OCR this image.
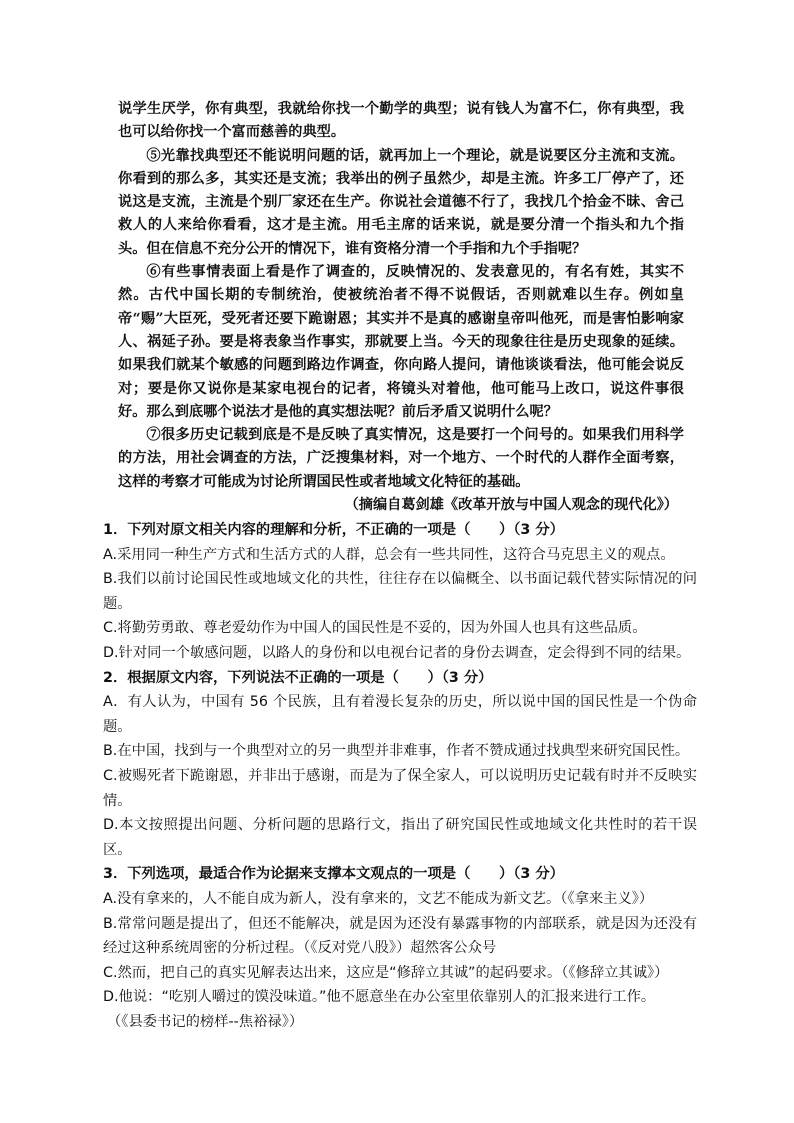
说学生厌学，你有典型，我就给你找一个勤学的典型；说有钱人为富不仁，你有典型，我也可以给你找一个富而慈善的典型。

⑤光靠找典型还不能说明问题的话，就再加上一个理论，就是说要区分主流和支流。你看到的那么多，其实还是支流；我举出的例子虽然少，却是主流。许多工厂停产了，还说这是支流，主流是个别厂家还在生产。你说社会道德不行了，我找几个拾金不昧、舍己救人的人来给你看看，这才是主流。用毛主席的话来说，就是要分清一个指头和九个指头。但在信息不充分公开的情况下，谁有资格分清一个手指和九个手指呢？

⑥有些事情表面上看是作了调查的，反映情况的、发表意见的，有名有姓，其实不然。古代中国长期的专制统治，使被统治者不得不说假话，否则就难以生存。例如皇帝“赐”大臣死，受死者还要下跪谢恩；其实并不是真的感谢皇帝叫他死，而是害怕影响家人、祸延子孙。要是将表象当作事实，那就要上当。今天的现象往往是历史现象的延续。如果我们就某个敏感的问题到路边作调查，你向路人提问，请他谈谈看法，他可能会说反对；要是你又说你是某家电视台的记者，将镜头对着他，他可能马上改口，说这件事很好。那么到底哪个说法才是他的真实想法呢？前后矛盾又说明什么呢？

⑦很多历史记载到底是不是反映了真实情况，这是要打一个问号的。如果我们用科学的方法，用社会调查的方法，广泛搜集材料，对一个地方、一个时代的人群作全面考察，这样的考察才可能成为讨论所谓国民性或者地域文化特征的基础。

（摘编自葛剑雄《改革开放与中国人观念的现代化》）

1．下列对原文相关内容的理解和分析，不正确的一项是（　　）（3 分）

A.采用同一种生产方式和生活方式的人群，总会有一些共同性，这符合马克思主义的观点。

B.我们以前讨论国民性或地域文化的共性，往往存在以偏概全、以书面记载代替实际情况的问题。

C.将勤劳勇敢、尊老爱幼作为中国人的国民性是不妥的，因为外国人也具有这些品质。

D.针对同一个敏感问题，以路人的身份和以电视台记者的身份去调查，定会得到不同的结果。

2．根据原文内容，下列说法不正确的一项是（　　）（3 分）

A．有人认为，中国有 56 个民族，且有着漫长复杂的历史，所以说中国的国民性是一个伪命题。

B.在中国，找到与一个典型对立的另一典型并非难事，作者不赞成通过找典型来研究国民性。

C.被赐死者下跪谢恩，并非出于感谢，而是为了保全家人，可以说明历史记载有时并不反映实情。

D.本文按照提出问题、分析问题的思路行文，指出了研究国民性或地域文化共性时的若干误区。

3．下列选项，最适合作为论据来支撑本文观点的一项是（　　）（3 分）

A.没有拿来的，人不能自成为新人，没有拿来的，文艺不能成为新文艺。（《拿来主义》）

B.常常问题是提出了，但还不能解决，就是因为还没有暴露事物的内部联系，就是因为还没有经过这种系统周密的分析过程。（《反对党八股》）超然客公众号

C.然而，把自己的真实见解表达出来，这应是“修辞立其诚”的起码要求。（《修辞立其诚》）

D.他说：“吃别人嚼过的馍没味道。”他不愿意坐在办公室里依靠别人的汇报来进行工作。

（《县委书记的榜样--焦裕禄》）
